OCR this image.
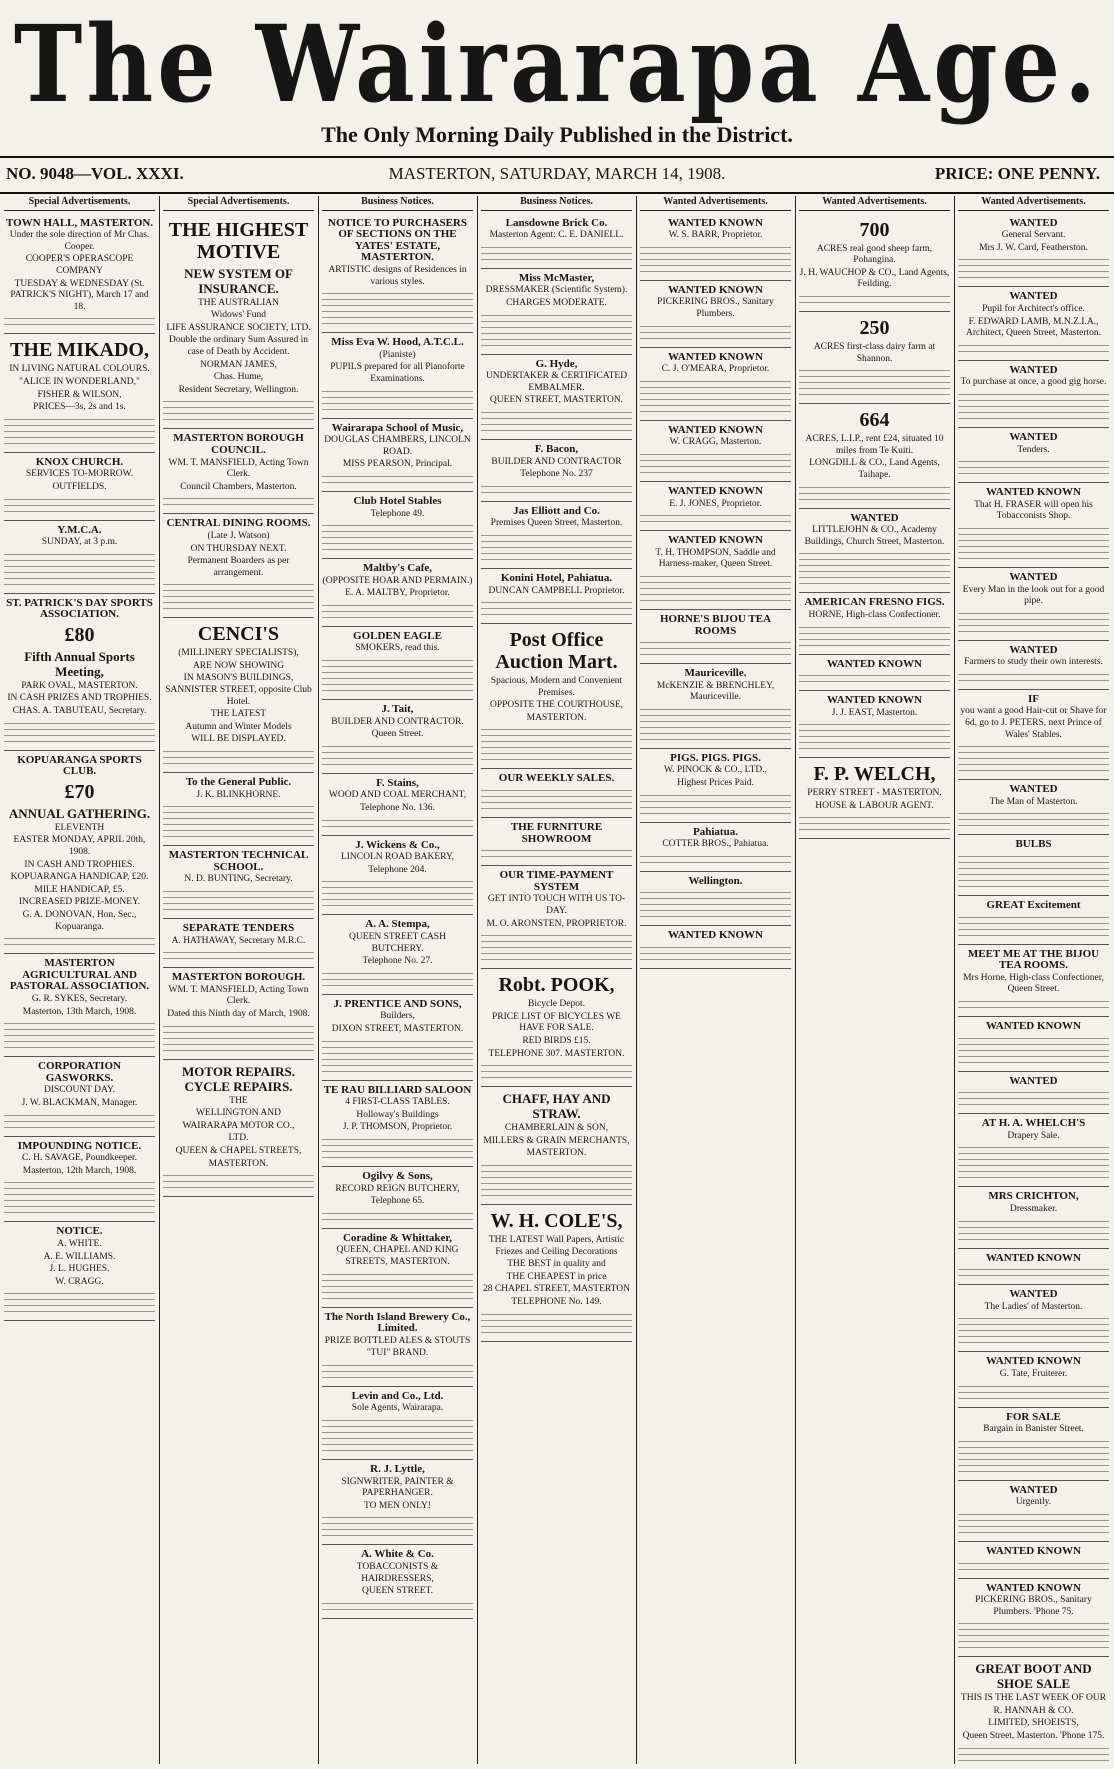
The Wairarapa Age.
The Only Morning Daily Published in the District.
NO. 9048—VOL. XXXI.	MASTERTON, SATURDAY, MARCH 14, 1908.	PRICE: ONE PENNY.
Special Advertisements.
TOWN HALL, MASTERTON.
Under the sole direction of Mr Chas. Cooper.
COOPER'S OPERASCOPE COMPANY
TUESDAY & WEDNESDAY (St. PATRICK'S NIGHT), March 17 and 18.
THE MIKADO,
IN LIVING NATURAL COLOURS.
"ALICE IN WONDERLAND,"
FISHER & WILSON,
PRICES—3s, 2s and 1s.
KNOX CHURCH.
SERVICES TO-MORROW.
OUTFIELDS.
Y.M.C.A.
SUNDAY, at 3 p.m.
ST. PATRICK'S DAY SPORTS ASSOCIATION.
£80
Fifth Annual Sports Meeting,
PARK OVAL, MASTERTON.
IN CASH PRIZES AND TROPHIES.
CHAS. A. TABUTEAU, Secretary.
KOPUARANGA SPORTS CLUB.
£70
ANNUAL GATHERING.
ELEVENTH
EASTER MONDAY, APRIL 20th, 1908.
IN CASH AND TROPHIES.
KOPUARANGA HANDICAP, £20.
MILE HANDICAP, £5.
INCREASED PRIZE-MONEY.
G. A. DONOVAN, Hon. Sec., Kopuaranga.
MASTERTON AGRICULTURAL AND PASTORAL ASSOCIATION.
G. R. SYKES, Secretary.
Masterton, 13th March, 1908.
CORPORATION GASWORKS.
DISCOUNT DAY.
J. W. BLACKMAN, Manager.
IMPOUNDING NOTICE.
C. H. SAVAGE, Poundkeeper.
Masterton, 12th March, 1908.
NOTICE.
A. WHITE.
A. E. WILLIAMS.
J. L. HUGHES.
W. CRAGG.
Special Advertisements.
THE HIGHEST MOTIVE
NEW SYSTEM OF INSURANCE.
THE AUSTRALIAN
Widows' Fund
LIFE ASSURANCE SOCIETY, LTD.
Double the ordinary Sum Assured in case of Death by Accident.
NORMAN JAMES,
Chas. Hume,
Resident Secretary, Wellington.
MASTERTON BOROUGH COUNCIL.
WM. T. MANSFIELD, Acting Town Clerk.
Council Chambers, Masterton.
CENTRAL DINING ROOMS.
(Late J. Watson)
ON THURSDAY NEXT.
Permanent Boarders as per arrangement.
CENCI'S
(MILLINERY SPECIALISTS),
ARE NOW SHOWING
IN MASON'S BUILDINGS, SANNISTER STREET, opposite Club Hotel.
THE LATEST
Autumn and Winter Models
WILL BE DISPLAYED.
To the General Public.
J. K. BLINKHORNE.
MASTERTON TECHNICAL SCHOOL.
N. D. BUNTING, Secretary.
SEPARATE TENDERS
A. HATHAWAY, Secretary M.R.C.
MASTERTON BOROUGH.
WM. T. MANSFIELD, Acting Town Clerk.
Dated this Ninth day of March, 1908.
MOTOR REPAIRS. CYCLE REPAIRS.
THE
WELLINGTON AND
WAIRARAPA MOTOR CO.,
LTD.
QUEEN & CHAPEL STREETS,
MASTERTON.
Business Notices.
NOTICE TO PURCHASERS OF SECTIONS ON THE YATES' ESTATE, MASTERTON.
ARTISTIC designs of Residences in various styles.
Miss Eva W. Hood, A.T.C.L.
(Pianiste)
PUPILS prepared for all Pianoforte Examinations.
Wairarapa School of Music,
DOUGLAS CHAMBERS, LINCOLN ROAD.
MISS PEARSON, Principal.
Club Hotel Stables
Telephone 49.
Maltby's Cafe,
(OPPOSITE HOAR AND PERMAIN.)
E. A. MALTBY, Proprietor.
GOLDEN EAGLE
SMOKERS, read this.
J. Tait,
BUILDER AND CONTRACTOR.
Queen Street.
F. Stains,
WOOD AND COAL MERCHANT,
Telephone No. 136.
J. Wickens & Co.,
LINCOLN ROAD BAKERY,
Telephone 204.
A. A. Stempa,
QUEEN STREET CASH BUTCHERY.
Telephone No. 27.
J. PRENTICE AND SONS,
Builders,
DIXON STREET, MASTERTON.
TE RAU BILLIARD SALOON
4 FIRST-CLASS TABLES.
Holloway's Buildings
J. P. THOMSON, Proprietor.
Ogilvy & Sons,
RECORD REIGN BUTCHERY,
Telephone 65.
Coradine & Whittaker,
QUEEN, CHAPEL AND KING STREETS, MASTERTON.
The North Island Brewery Co., Limited.
PRIZE BOTTLED ALES & STOUTS
"TUI" BRAND.
Levin and Co., Ltd.
Sole Agents, Wairarapa.
R. J. Lyttle,
SIGNWRITER, PAINTER & PAPERHANGER.
TO MEN ONLY!
A. White & Co.
TOBACCONISTS & HAIRDRESSERS,
QUEEN STREET.
Business Notices.
Lansdowne Brick Co.
Masterton Agent: C. E. DANIELL.
Miss McMaster,
DRESSMAKER (Scientific System).
CHARGES MODERATE.
G. Hyde,
UNDERTAKER & CERTIFICATED EMBALMER.
QUEEN STREET, MASTERTON.
F. Bacon,
BUILDER AND CONTRACTOR
Telephone No. 237
Jas Elliott and Co.
Premises Queen Street, Masterton.
Konini Hotel, Pahiatua.
DUNCAN CAMPBELL Proprietor.
Post Office Auction Mart.
Spacious, Modern and Convenient Premises.
OPPOSITE THE COURTHOUSE,
MASTERTON.
OUR WEEKLY SALES.
THE FURNITURE SHOWROOM
OUR TIME-PAYMENT SYSTEM
GET INTO TOUCH WITH US TO-DAY.
M. O. ARONSTEN, PROPRIETOR.
Robt. POOK,
Bicycle Depot.
PRICE LIST OF BICYCLES WE HAVE FOR SALE.
RED BIRDS £15.
TELEPHONE 307. MASTERTON.
CHAFF, HAY AND STRAW.
CHAMBERLAIN & SON,
MILLERS & GRAIN MERCHANTS,
MASTERTON.
W. H. COLE'S,
THE LATEST Wall Papers, Artistic Friezes and Ceiling Decorations
THE BEST in quality and
THE CHEAPEST in price
28 CHAPEL STREET, MASTERTON
TELEPHONE No. 149.
Wanted Advertisements.
WANTED KNOWN
W. S. BARR, Proprietor.
WANTED KNOWN
PICKERING BROS., Sanitary Plumbers.
WANTED KNOWN
C. J. O'MEARA, Proprietor.
WANTED KNOWN
W. CRAGG, Masterton.
WANTED KNOWN
E. J. JONES, Proprietor.
WANTED KNOWN
T. H. THOMPSON, Saddle and Harness-maker, Queen Street.
HORNE'S BIJOU TEA ROOMS
Mauriceville.
McKENZIE & BRENCHLEY, Mauriceville.
PIGS. PIGS. PIGS.
W. PINOCK & CO., LTD.,
Highest Prices Paid.
Pahiatua.
COTTER BROS., Pahiatua.
Wellington.
WANTED KNOWN
Wanted Advertisements.
700
ACRES real good sheep farm, Pohangina.
J. H. WAUCHOP & CO., Land Agents, Feilding.
250
ACRES first-class dairy farm at Shannon.
664
ACRES, L.I.P., rent £24, situated 10 miles from Te Kuiti.
LONGDILL & CO., Land Agents, Taihape.
WANTED
LITTLEJOHN & CO., Academy Buildings, Church Street, Masterton.
AMERICAN FRESNO FIGS.
HORNE, High-class Confectioner.
WANTED KNOWN
WANTED KNOWN
J. J. EAST, Masterton.
F. P. WELCH,
PERRY STREET - MASTERTON.
HOUSE & LABOUR AGENT.
Wanted Advertisements.
WANTED
General Servant.
Mrs J. W. Card, Featherston.
WANTED
Pupil for Architect's office.
F. EDWARD LAMB, M.N.Z.I.A., Architect, Queen Street, Masterton.
WANTED
To purchase at once, a good gig horse.
WANTED
Tenders.
WANTED KNOWN
That H. FRASER will open his Tobacconists Shop.
WANTED
Every Man in the look out for a good pipe.
WANTED
Farmers to study their own interests.
IF
you want a good Hair-cut or Shave for 6d, go to J. PETERS, next Prince of Wales' Stables.
WANTED
The Man of Masterton.
BULBS
GREAT Excitement
MEET ME AT THE BIJOU TEA ROOMS.
Mrs Horne, High-class Confectioner, Queen Street.
WANTED KNOWN
WANTED
AT H. A. WHELCH'S
Drapery Sale.
MRS CRICHTON,
Dressmaker.
WANTED KNOWN
WANTED
The Ladies' of Masterton.
WANTED KNOWN
G. Tate, Fruiterer.
FOR SALE
Bargain in Banister Street.
WANTED
Urgently.
WANTED KNOWN
WANTED KNOWN
PICKERING BROS., Sanitary Plumbers. 'Phone 75.
GREAT BOOT AND SHOE SALE
THIS IS THE LAST WEEK OF OUR
R. HANNAH & CO.
LIMITED, SHOEISTS,
Queen Street, Masterton. 'Phone 175.
